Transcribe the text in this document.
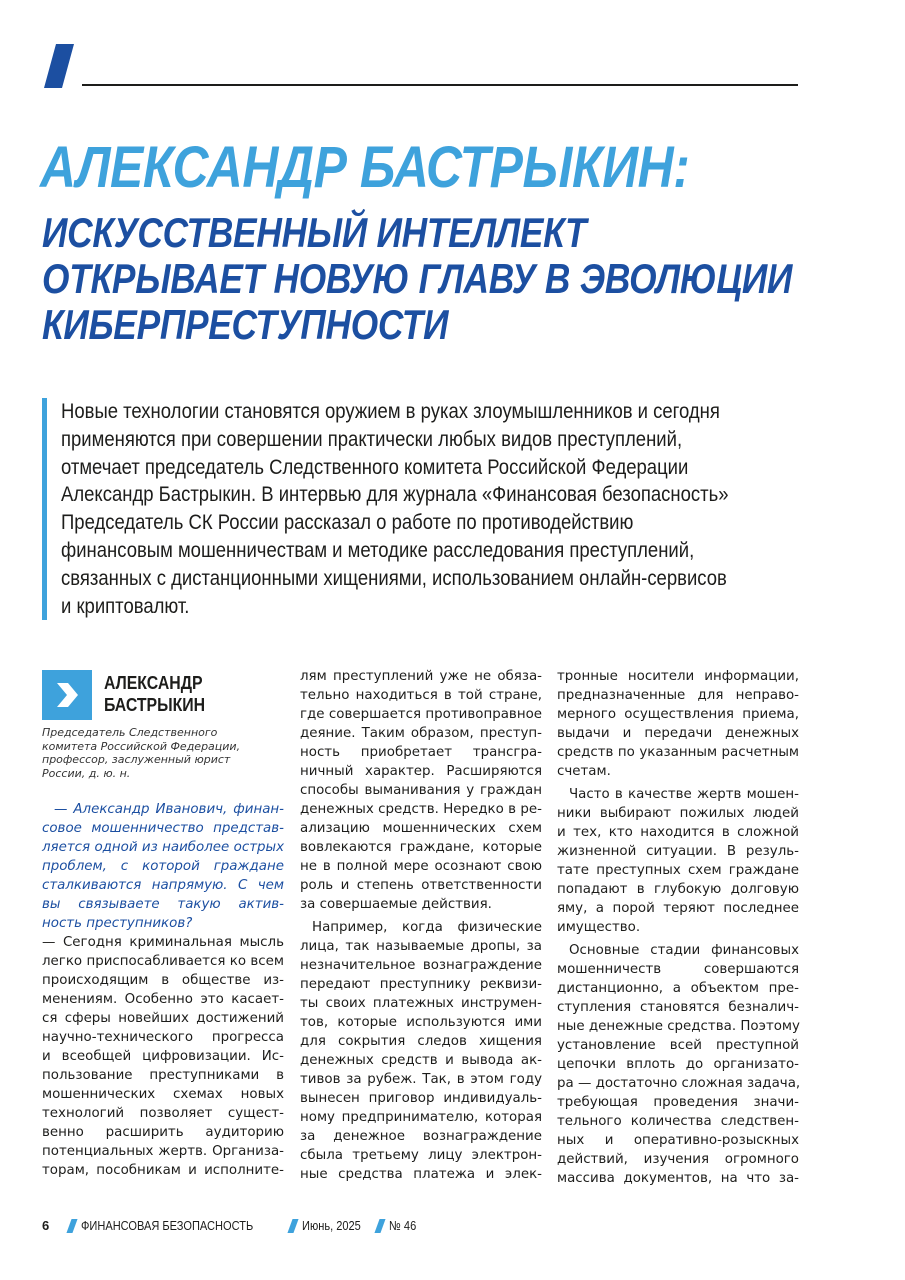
АЛЕКСАНДР БАСТРЫКИН:
ИСКУССТВЕННЫЙ ИНТЕЛЛЕКТ
ОТКРЫВАЕТ НОВУЮ ГЛАВУ В ЭВОЛЮЦИИ
КИБЕРПРЕСТУПНОСТИ

Новые технологии становятся оружием в руках злоумышленников и сегодня
применяются при совершении практически любых видов преступлений,
отмечает председатель Следственного комитета Российской Федерации
Александр Бастрыкин. В интервью для журнала «Финансовая безопасность»
Председатель СК России рассказал о работе по противодействию
финансовым мошенничествам и методике расследования преступлений,
связанных с дистанционными хищениями, использованием онлайн-сервисов
и криптовалют.

АЛЕКСАНДР
БАСТРЫКИН

Председатель Следственного
комитета Российской Федерации,
профессор, заслуженный юрист
России, д. ю. н.

— Александр Иванович, финан-
совое мошенничество представ-
ляется одной из наиболее острых
проблем, с которой граждане
сталкиваются напрямую. С чем
вы связываете такую актив-
ность преступников?
— Сегодня криминальная мысль
легко приспосабливается ко всем
происходящим в обществе из-
менениям. Особенно это касает-
ся сферы новейших достижений
научно-технического прогресса
и всеобщей цифровизации. Ис-
пользование преступниками в
мошеннических схемах новых
технологий позволяет сущест-
венно расширить аудиторию
потенциальных жертв. Организа-
торам, пособникам и исполните-
лям преступлений уже не обяза-
тельно находиться в той стране,
где совершается противоправное
деяние. Таким образом, преступ-
ность приобретает трансгра-
ничный характер. Расширяются
способы выманивания у граждан
денежных средств. Нередко в ре-
ализацию мошеннических схем
вовлекаются граждане, которые
не в полной мере осознают свою
роль и степень ответственности
за совершаемые действия.
Например, когда физические
лица, так называемые дропы, за
незначительное вознаграждение
передают преступнику реквизи-
ты своих платежных инструмен-
тов, которые используются ими
для сокрытия следов хищения
денежных средств и вывода ак-
тивов за рубеж. Так, в этом году
вынесен приговор индивидуаль-
ному предпринимателю, которая
за денежное вознаграждение
сбыла третьему лицу электрон-
ные средства платежа и элек-
тронные носители информации,
предназначенные для неправо-
мерного осуществления приема,
выдачи и передачи денежных
средств по указанным расчетным
счетам.
Часто в качестве жертв мошен-
ники выбирают пожилых людей
и тех, кто находится в сложной
жизненной ситуации. В резуль-
тате преступных схем граждане
попадают в глубокую долговую
яму, а порой теряют последнее
имущество.
Основные стадии финансовых
мошенничеств совершаются
дистанционно, а объектом пре-
ступления становятся безналич-
ные денежные средства. Поэтому
установление всей преступной
цепочки вплоть до организато-
ра — достаточно сложная задача,
требующая проведения значи-
тельного количества следствен-
ных и оперативно-розыскных
действий, изучения огромного
массива документов, на что за-
6 ФИНАНСОВАЯ БЕЗОПАСНОСТЬ	Июнь, 2025 № 46
